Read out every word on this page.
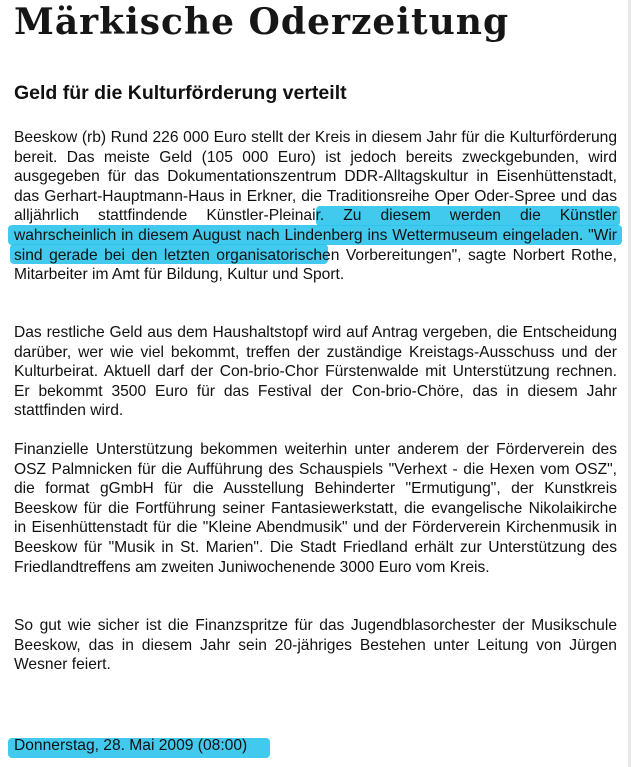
Märkische Oderzeitung
Geld für die Kulturförderung verteilt
Beeskow (rb) Rund 226 000 Euro stellt der Kreis in diesem Jahr für die Kulturförderung bereit. Das meiste Geld (105 000 Euro) ist jedoch bereits zweckgebunden, wird ausgegeben für das Dokumentationszentrum DDR-Alltagskultur in Eisenhüttenstadt, das Gerhart-Hauptmann-Haus in Erkner, die Traditionsreihe Oper Oder-Spree und das alljährlich stattfindende Künstler-Pleinair. Zu diesem werden die Künstler wahrscheinlich in diesem August nach Lindenberg ins Wettermuseum eingeladen. "Wir sind gerade bei den letzten organisatorischen Vorbereitungen", sagte Norbert Rothe, Mitarbeiter im Amt für Bildung, Kultur und Sport.
Das restliche Geld aus dem Haushaltstopf wird auf Antrag vergeben, die Entscheidung darüber, wer wie viel bekommt, treffen der zuständige Kreistags-Ausschuss und der Kulturbeirat. Aktuell darf der Con-brio-Chor Fürstenwalde mit Unterstützung rechnen. Er bekommt 3500 Euro für das Festival der Con-brio-Chöre, das in diesem Jahr stattfinden wird.
Finanzielle Unterstützung bekommen weiterhin unter anderem der Förderverein des OSZ Palmnicken für die Aufführung des Schauspiels "Verhext - die Hexen vom OSZ", die format gGmbH für die Ausstellung Behinderter "Ermutigung", der Kunstkreis Beeskow für die Fortführung seiner Fantasiewerkstatt, die evangelische Nikolaikirche in Eisenhüttenstadt für die "Kleine Abendmusik" und der Förderverein Kirchenmusik in Beeskow für "Musik in St. Marien". Die Stadt Friedland erhält zur Unterstützung des Friedlandtreffens am zweiten Juniwochenende 3000 Euro vom Kreis.
So gut wie sicher ist die Finanzspritze für das Jugendblasorchester der Musikschule Beeskow, das in diesem Jahr sein 20-jähriges Bestehen unter Leitung von Jürgen Wesner feiert.
Donnerstag, 28. Mai 2009 (08:00)
